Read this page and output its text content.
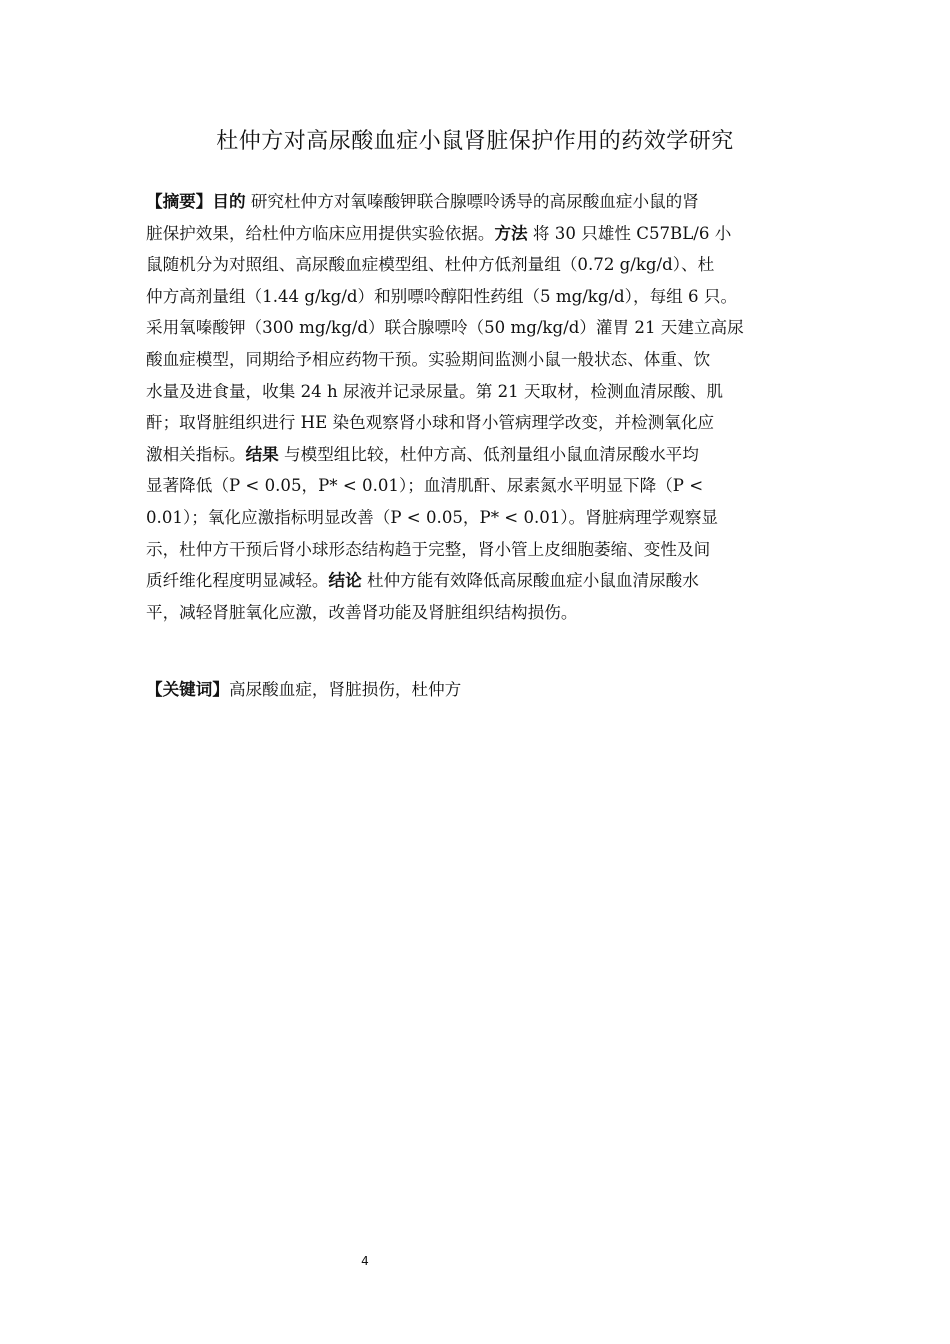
杜仲方对高尿酸血症小鼠肾脏保护作用的药效学研究
【摘要】目的 研究杜仲方对氧嗪酸钾联合腺嘌呤诱导的高尿酸血症小鼠的肾
脏保护效果，给杜仲方临床应用提供实验依据。方法 将 30 只雄性 C57BL/6 小
鼠随机分为对照组、高尿酸血症模型组、杜仲方低剂量组（0.72 g/kg/d）、杜
仲方高剂量组（1.44 g/kg/d）和别嘌呤醇阳性药组（5 mg/kg/d），每组 6 只。
采用氧嗪酸钾（300 mg/kg/d）联合腺嘌呤（50 mg/kg/d）灌胃 21 天建立高尿
酸血症模型，同期给予相应药物干预。实验期间监测小鼠一般状态、体重、饮
水量及进食量，收集 24 h 尿液并记录尿量。第 21 天取材，检测血清尿酸、肌
酐；取肾脏组织进行 HE 染色观察肾小球和肾小管病理学改变，并检测氧化应
激相关指标。结果 与模型组比较，杜仲方高、低剂量组小鼠血清尿酸水平均
显著降低（P < 0.05，P* < 0.01）；血清肌酐、尿素氮水平明显下降（P <
0.01）；氧化应激指标明显改善（P < 0.05，P* < 0.01）。肾脏病理学观察显
示，杜仲方干预后肾小球形态结构趋于完整，肾小管上皮细胞萎缩、变性及间
质纤维化程度明显减轻。结论 杜仲方能有效降低高尿酸血症小鼠血清尿酸水
平，减轻肾脏氧化应激，改善肾功能及肾脏组织结构损伤。
【关键词】高尿酸血症，肾脏损伤，杜仲方
4
